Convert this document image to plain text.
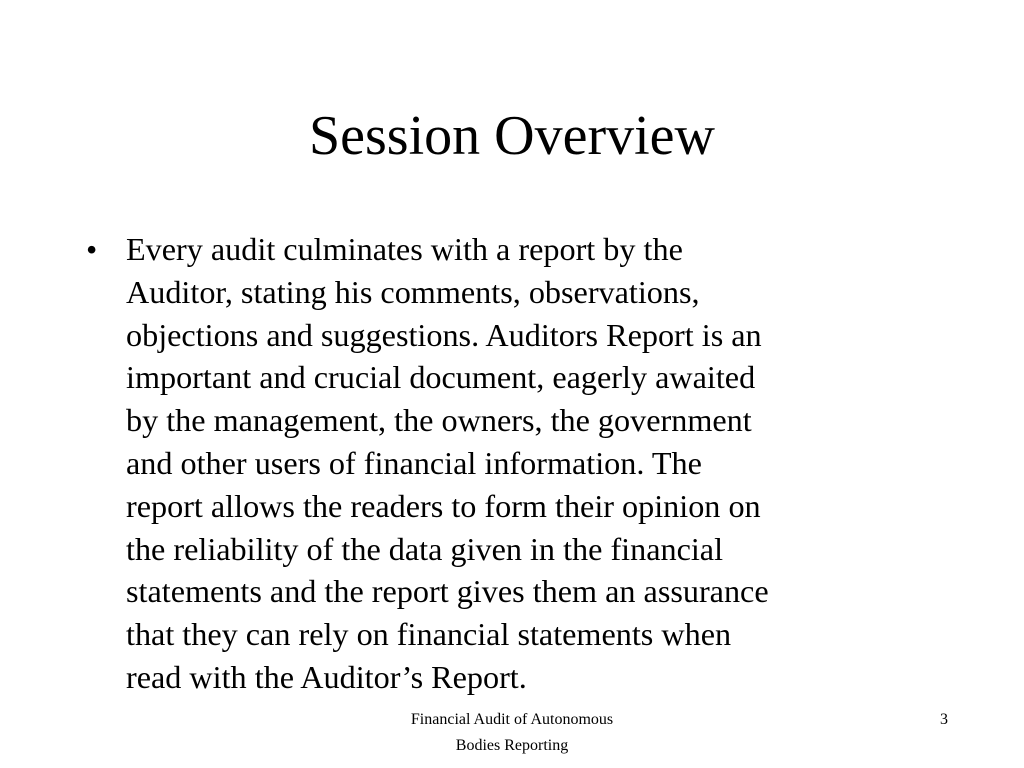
Session Overview
• Every audit culminates with a report by the
Auditor, stating his comments, observations,
objections and suggestions. Auditors Report is an
important and crucial document, eagerly awaited
by the management, the owners, the government
and other users of financial information. The
report allows the readers to form their opinion on
the reliability of the data given in the financial
statements and the report gives them an assurance
that they can rely on financial statements when
read with the Auditor’s Report.
Financial Audit of Autonomous
Bodies Reporting
3
